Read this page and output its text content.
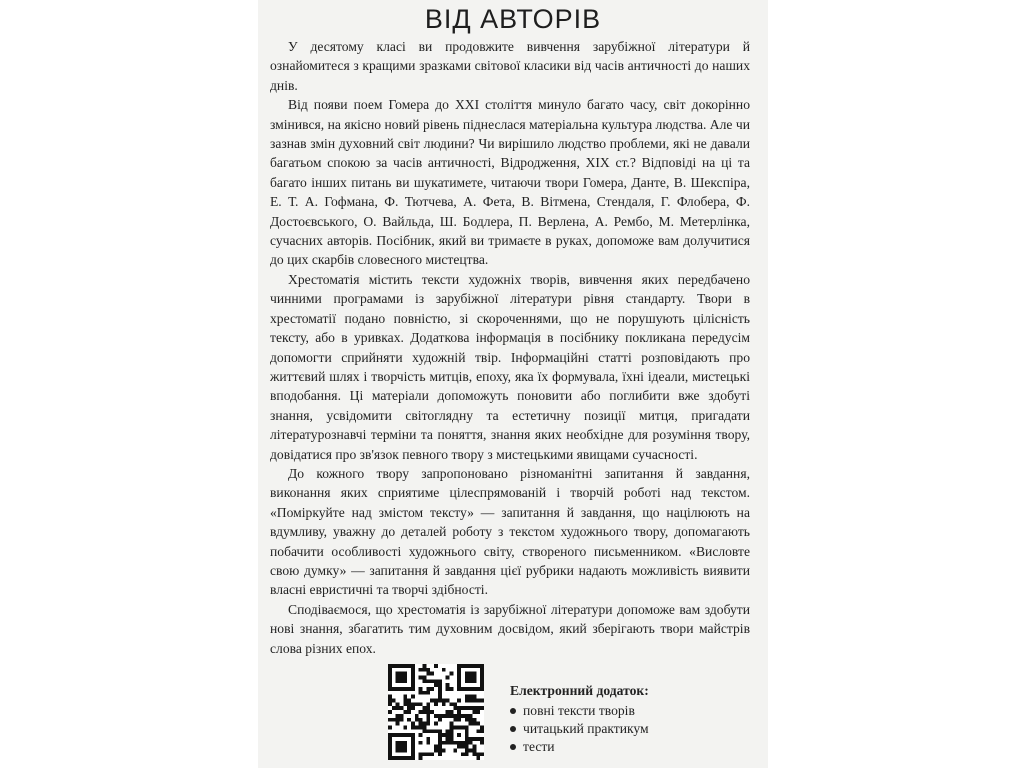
ВІД АВТОРІВ

У десятому класі ви продовжите вивчення зарубіжної літератури й ознайомитеся з кращими зразками світової класики від часів античності до наших днів.

Від появи поем Гомера до XXI століття минуло багато часу, світ докорінно змінився, на якісно новий рівень піднеслася матеріальна культура людства. Але чи зазнав змін духовний світ людини? Чи вирішило людство проблеми, які не давали багатьом спокою за часів античності, Відродження, XIX ст.? Відповіді на ці та багато інших питань ви шукатимете, читаючи твори Гомера, Данте, В. Шекспіра, Е. Т. А. Гофмана, Ф. Тютчева, А. Фета, В. Вітмена, Стендаля, Г. Флобера, Ф. Достоєвського, О. Вайльда, Ш. Бодлера, П. Верлена, А. Рембо, М. Метерлінка, сучасних авторів. Посібник, який ви тримаєте в руках, допоможе вам долучитися до цих скарбів словесного мистецтва.

Хрестоматія містить тексти художніх творів, вивчення яких передбачено чинними програмами із зарубіжної літератури рівня стандарту. Твори в хрестоматії подано повністю, зі скороченнями, що не порушують цілісність тексту, або в уривках. Додаткова інформація в посібнику покликана передусім допомогти сприйняти художній твір. Інформаційні статті розповідають про життєвий шлях і творчість митців, епоху, яка їх формувала, їхні ідеали, мистецькі вподобання. Ці матеріали допоможуть поновити або поглибити вже здобуті знання, усвідомити світоглядну та естетичну позиції митця, пригадати літературознавчі терміни та поняття, знання яких необхідне для розуміння твору, довідатися про зв'язок певного твору з мистецькими явищами сучасності.

До кожного твору запропоновано різноманітні запитання й завдання, виконання яких сприятиме цілеспрямованій і творчій роботі над текстом. «Поміркуйте над змістом тексту» — запитання й завдання, що націлюють на вдумливу, уважну до деталей роботу з текстом художнього твору, допомагають побачити особливості художнього світу, створеного письменником. «Висловте свою думку» — запитання й завдання цієї рубрики надають можливість виявити власні евристичні та творчі здібності.

Сподіваємося, що хрестоматія із зарубіжної літератури допоможе вам здобути нові знання, збагатить тим духовним досвідом, який зберігають твори майстрів слова різних епох.

Електронний додаток:
повні тексти творів
читацький практикум
тести
